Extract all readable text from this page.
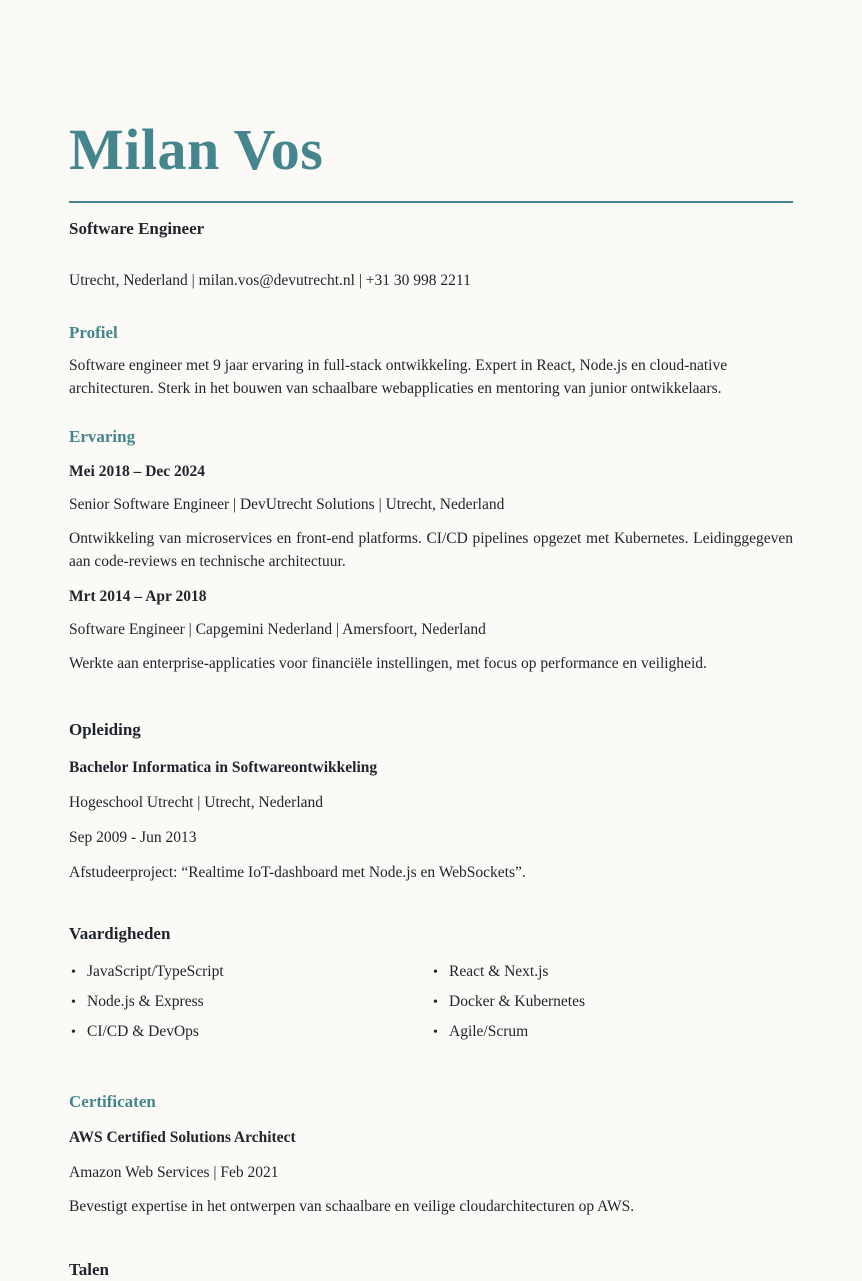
Milan Vos
Software Engineer
Utrecht, Nederland | milan.vos@devutrecht.nl | +31 30 998 2211
Profiel
Software engineer met 9 jaar ervaring in full-stack ontwikkeling. Expert in React, Node.js en cloud-native architecturen. Sterk in het bouwen van schaalbare webapplicaties en mentoring van junior ontwikkelaars.
Ervaring
Mei 2018 – Dec 2024
Senior Software Engineer | DevUtrecht Solutions | Utrecht, Nederland
Ontwikkeling van microservices en front-end platforms. CI/CD pipelines opgezet met Kubernetes. Leidinggegeven aan code-reviews en technische architectuur.
Mrt 2014 – Apr 2018
Software Engineer | Capgemini Nederland | Amersfoort, Nederland
Werkte aan enterprise-applicaties voor financiële instellingen, met focus op performance en veiligheid.
Opleiding
Bachelor Informatica in Softwareontwikkeling
Hogeschool Utrecht | Utrecht, Nederland
Sep 2009 - Jun 2013
Afstudeerproject: “Realtime IoT-dashboard met Node.js en WebSockets”.
Vaardigheden
• JavaScript/TypeScript
• Node.js & Express
• CI/CD & DevOps
• React & Next.js
• Docker & Kubernetes
• Agile/Scrum
Certificaten
AWS Certified Solutions Architect
Amazon Web Services | Feb 2021
Bevestigt expertise in het ontwerpen van schaalbare en veilige cloudarchitecturen op AWS.
Talen
